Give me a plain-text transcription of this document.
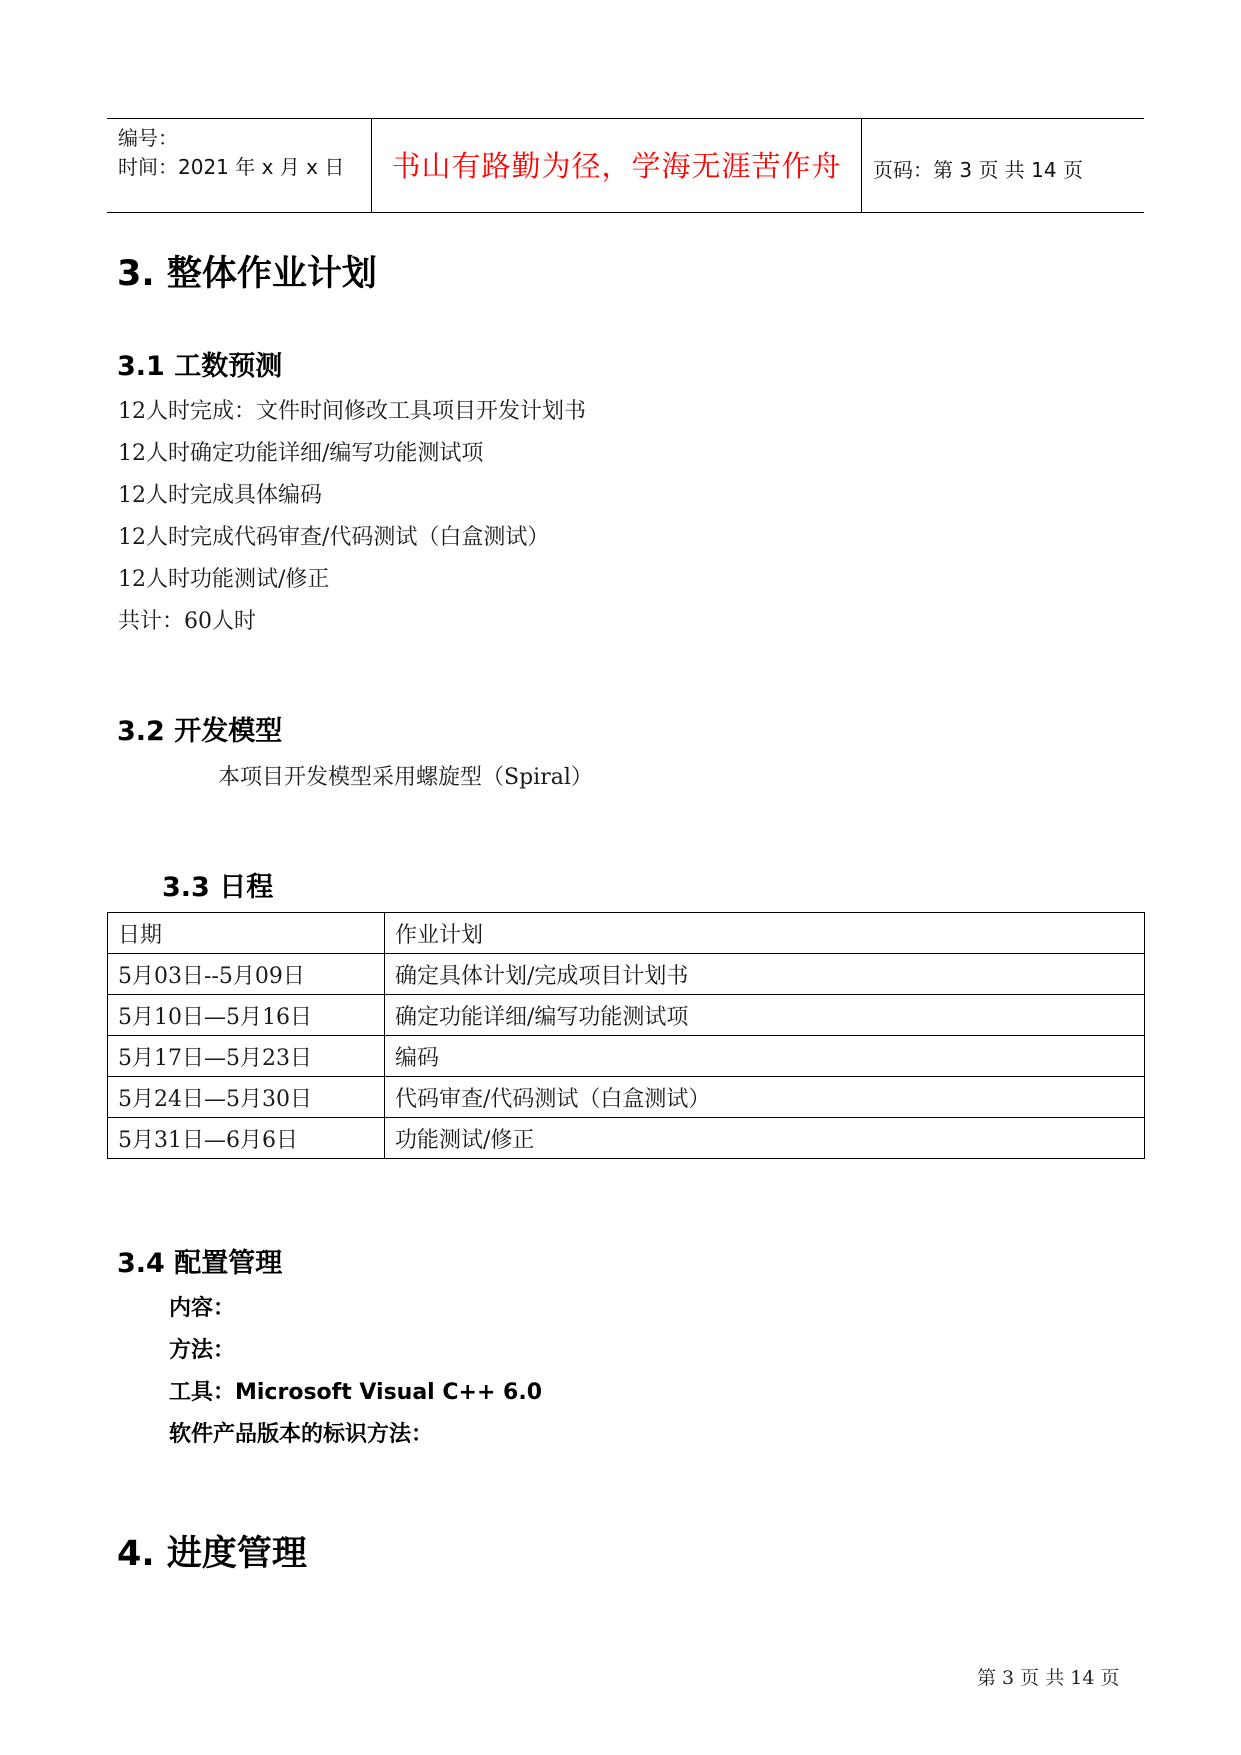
编号：
时间：2021 年 x 月 x 日	书山有路勤为径，学海无涯苦作舟	页码：第 3 页 共 14 页
3. 整体作业计划
3.1 工数预测
12人时完成：文件时间修改工具项目开发计划书
12人时确定功能详细/编写功能测试项
12人时完成具体编码
12人时完成代码审查/代码测试（白盒测试）
12人时功能测试/修正
共计：60人时
3.2 开发模型
本项目开发模型采用螺旋型（Spiral）
3.3 日程
日期	作业计划
5月03日--5月09日	确定具体计划/完成项目计划书
5月10日—5月16日	确定功能详细/编写功能测试项
5月17日—5月23日	编码
5月24日—5月30日	代码审查/代码测试（白盒测试）
5月31日—6月6日	功能测试/修正
3.4 配置管理
内容：
方法：
工具：Microsoft Visual C++ 6.0
软件产品版本的标识方法：
4. 进度管理
第 3 页 共 14 页
